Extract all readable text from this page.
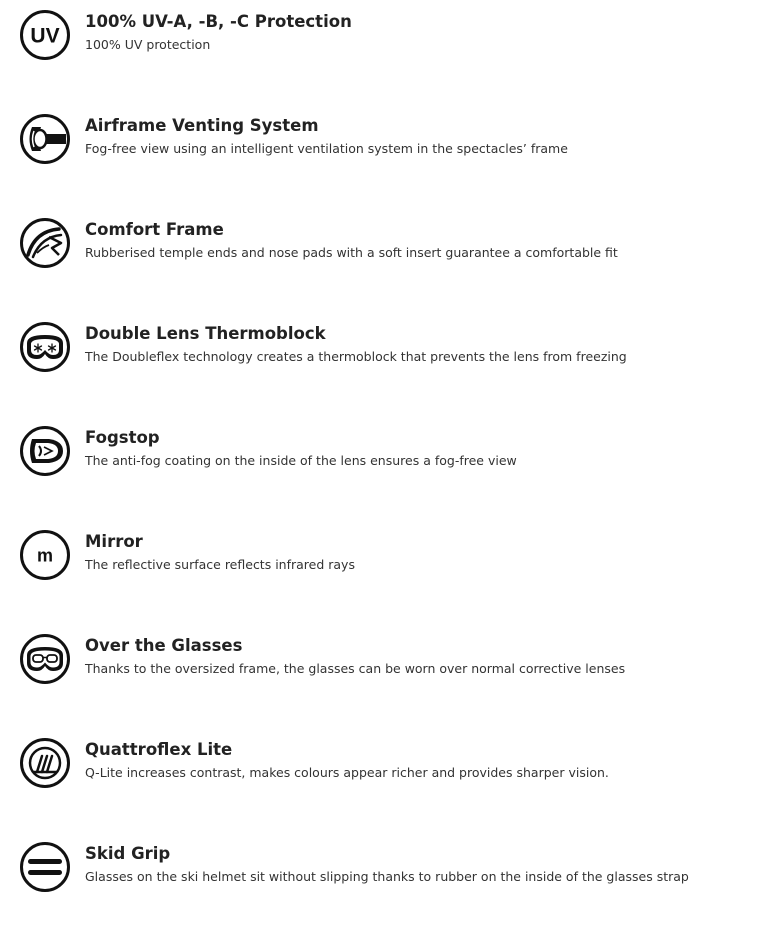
UV
100% UV-A, -B, -C Protection
100% UV protection
Airframe Venting System
Fog-free view using an intelligent ventilation system in the spectacles’ frame
Comfort Frame
Rubberised temple ends and nose pads with a soft insert guarantee a comfortable fit
Double Lens Thermoblock
The Doubleflex technology creates a thermoblock that prevents the lens from freezing
Fogstop
The anti-fog coating on the inside of the lens ensures a fog-free view
m
Mirror
The reflective surface reflects infrared rays
Over the Glasses
Thanks to the oversized frame, the glasses can be worn over normal corrective lenses
Quattroflex Lite
Q-Lite increases contrast, makes colours appear richer and provides sharper vision.
Skid Grip
Glasses on the ski helmet sit without slipping thanks to rubber on the inside of the glasses strap
